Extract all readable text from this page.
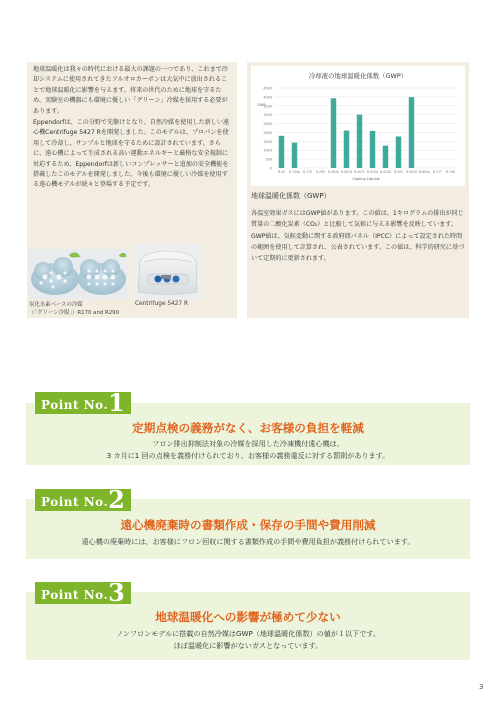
地球温暖化は我々の時代における最大の課題の一つであり、これまで冷却システムに使用されてきたフルオロカーボンは大気中に放出されることで地球温暖化に影響を与えます。将来の世代のために地球を守るため、実験室の機器にも環境に優しい「グリーン」冷媒を採用する必要があります。

Eppendorfは、この分野で先駆けとなり、自然冷媒を使用した新しい遠心機Centrifuge 5427 Rを開発しました。このモデルは、プロパンを使用して冷却し、サンプルと地球を守るために設計されています。さらに、遠心機によって生成される高い運動エネルギーと厳格な安全規制に対応するため、Eppendorfは新しいコンプレッサーと追加の安全機能を搭載したこのモデルを開発しました。今後も環境に優しい冷媒を使用する遠心機モデルが続々と登場する予定です。

炭化水素ベースの冷媒
（「グリーン冷媒」）R170 and R290
Centrifuge 5427 R
冷却液の地球温暖化係数（GWP）
0
500
1000
1500
2000
2500
3000
3500
4000
4500
GWP
R-22 R-134a R-170 R-290 R-404A R-407A R-407C R-410A R-413A R-502 R-507A R-600a R-717 R-744
Cooling Liquids
地球温暖化係数（GWP）
各温室効果ガスにはGWP値があります。この値は、1キログラムの排出が同じ質量の二酸化炭素（CO₂）と比較して気候に与える影響を反映しています。GWP値は、気候変動に関する政府間パネル（IPCC）によって設定された時間の範囲を使用して計算され、公表されています。この値は、科学的研究に基づいて定期的に更新されます。
Point No.1
定期点検の義務がなく、お客様の負担を軽減
フロン排出抑制法対象の冷媒を採用した冷凍機付遠心機は、
3 カ月に1 回の点検を義務付けられており、お客様の義務違反に対する罰則があります。
Point No.2
遠心機廃棄時の書類作成・保存の手間や費用削減
遠心機の廃棄時には、お客様にフロン回収に関する書類作成の手間や費用負担が義務付けられています。
Point No.3
地球温暖化への影響が極めて少ない
ノンフロンモデルに搭載の自然冷媒はGWP（地球温暖化係数）の値が１以下です。
ほぼ温暖化に影響がないガスとなっています。
3
